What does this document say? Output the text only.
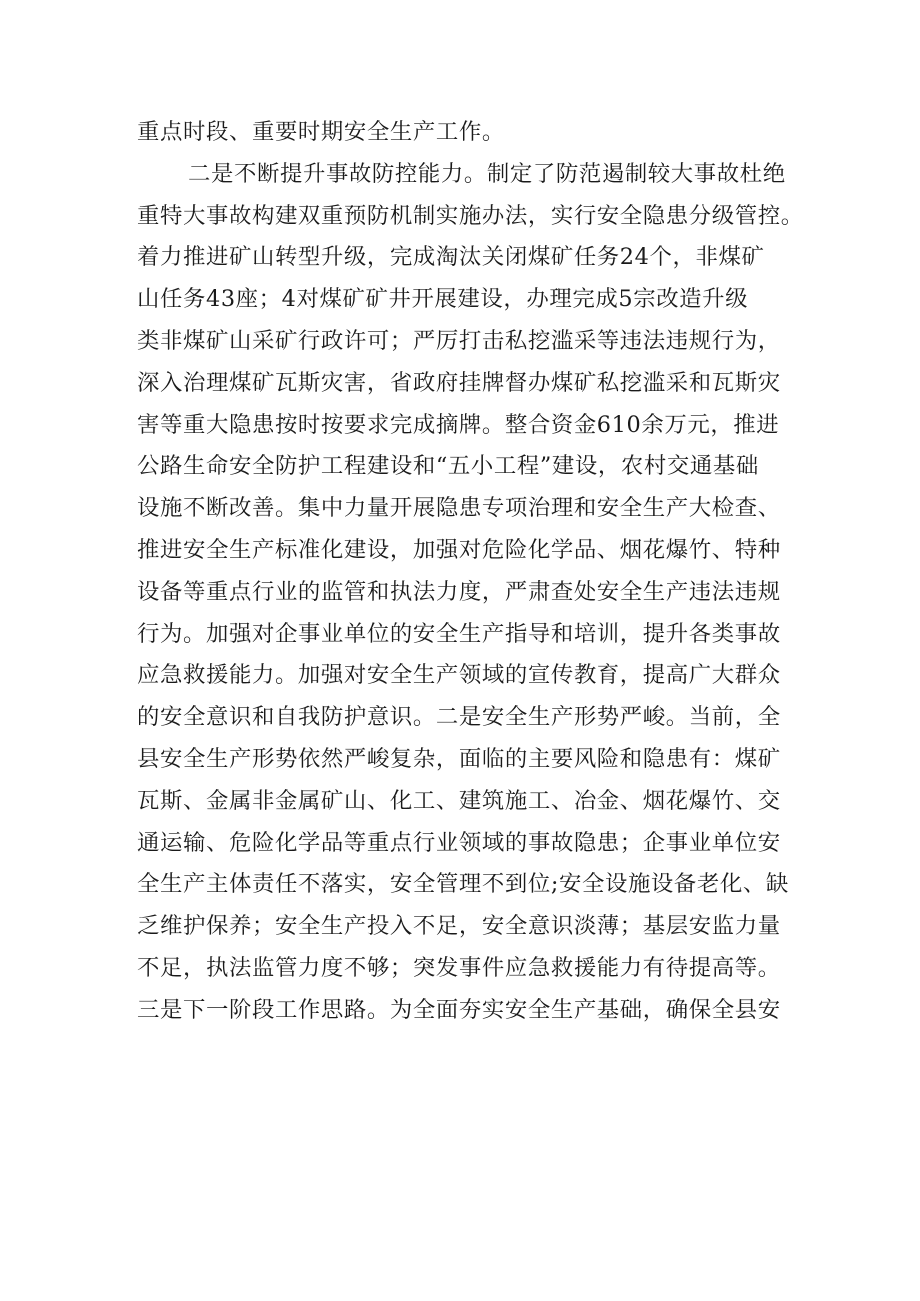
重点时段、重要时期安全生产工作。
二是不断提升事故防控能力。制定了防范遏制较大事故杜绝
重特大事故构建双重预防机制实施办法，实行安全隐患分级管控。
着力推进矿山转型升级，完成淘汰关闭煤矿任务24个，非煤矿
山任务43座；4对煤矿矿井开展建设，办理完成5宗改造升级
类非煤矿山采矿行政许可；严厉打击私挖滥采等违法违规行为，
深入治理煤矿瓦斯灾害，省政府挂牌督办煤矿私挖滥采和瓦斯灾
害等重大隐患按时按要求完成摘牌。整合资金610余万元，推进
公路生命安全防护工程建设和“五小工程”建设，农村交通基础
设施不断改善。集中力量开展隐患专项治理和安全生产大检查、
推进安全生产标准化建设，加强对危险化学品、烟花爆竹、特种
设备等重点行业的监管和执法力度，严肃查处安全生产违法违规
行为。加强对企事业单位的安全生产指导和培训，提升各类事故
应急救援能力。加强对安全生产领域的宣传教育，提高广大群众
的安全意识和自我防护意识。二是安全生产形势严峻。当前，全
县安全生产形势依然严峻复杂，面临的主要风险和隐患有：煤矿
瓦斯、金属非金属矿山、化工、建筑施工、冶金、烟花爆竹、交
通运输、危险化学品等重点行业领域的事故隐患；企事业单位安
全生产主体责任不落实，安全管理不到位;安全设施设备老化、缺
乏维护保养；安全生产投入不足，安全意识淡薄；基层安监力量
不足，执法监管力度不够；突发事件应急救援能力有待提高等。
三是下一阶段工作思路。为全面夯实安全生产基础，确保全县安
